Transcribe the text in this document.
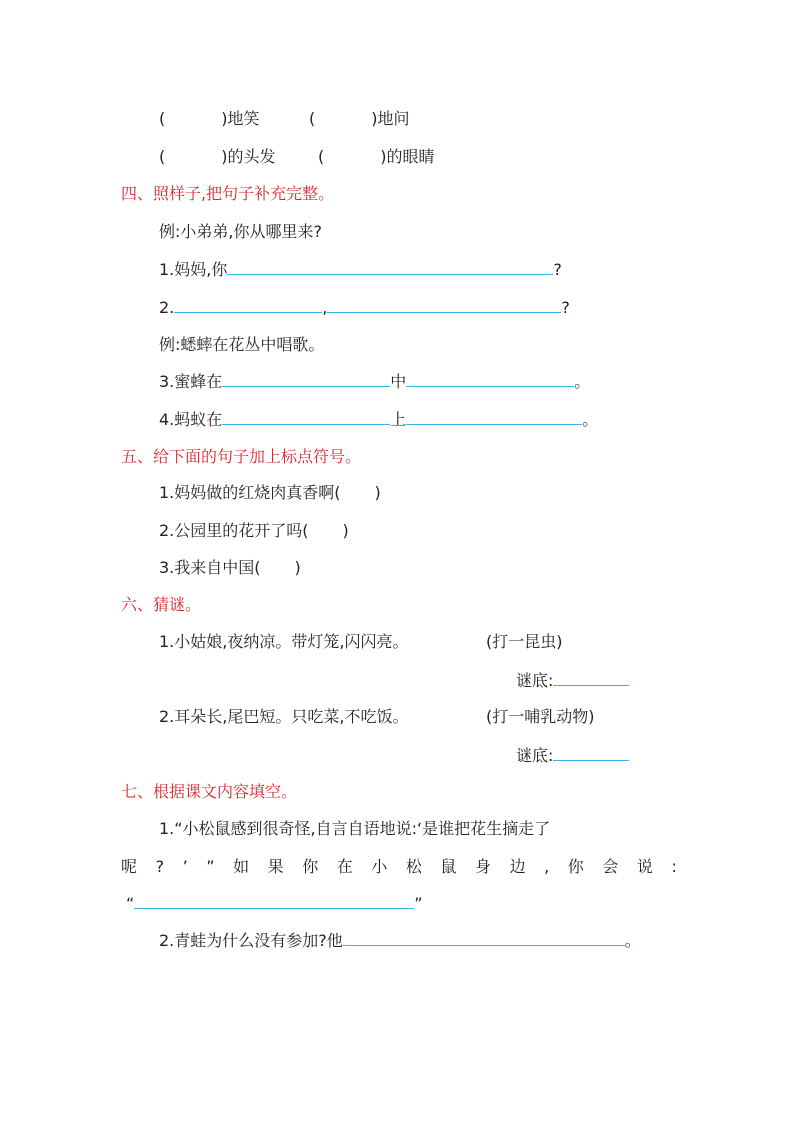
(	)地笑	(	)地问
(	)的头发	(	)的眼睛
四、照样子,把句子补充完整。
例:小弟弟,你从哪里来?
1.妈妈,你	?
2.	,	?
例:蟋蟀在花丛中唱歌。
3.蜜蜂在	中	。
4.蚂蚁在	上	。
五、给下面的句子加上标点符号。
1.妈妈做的红烧肉真香啊( )
2.公园里的花开了吗( )
3.我来自中国( )
六、猜谜。
1.小姑娘,夜纳凉。带灯笼,闪闪亮。	(打一昆虫)
谜底:
2.耳朵长,尾巴短。只吃菜,不吃饭。	(打一哺乳动物)
谜底:
七、根据课文内容填空。
1.“小松鼠感到很奇怪,自言自语地说:‘是谁把花生摘走了
呢 ? ’ ” 如 果 你 在 小 松 鼠 身 边 , 你 会 说 :
“	”
2.青蛙为什么没有参加?他	。
